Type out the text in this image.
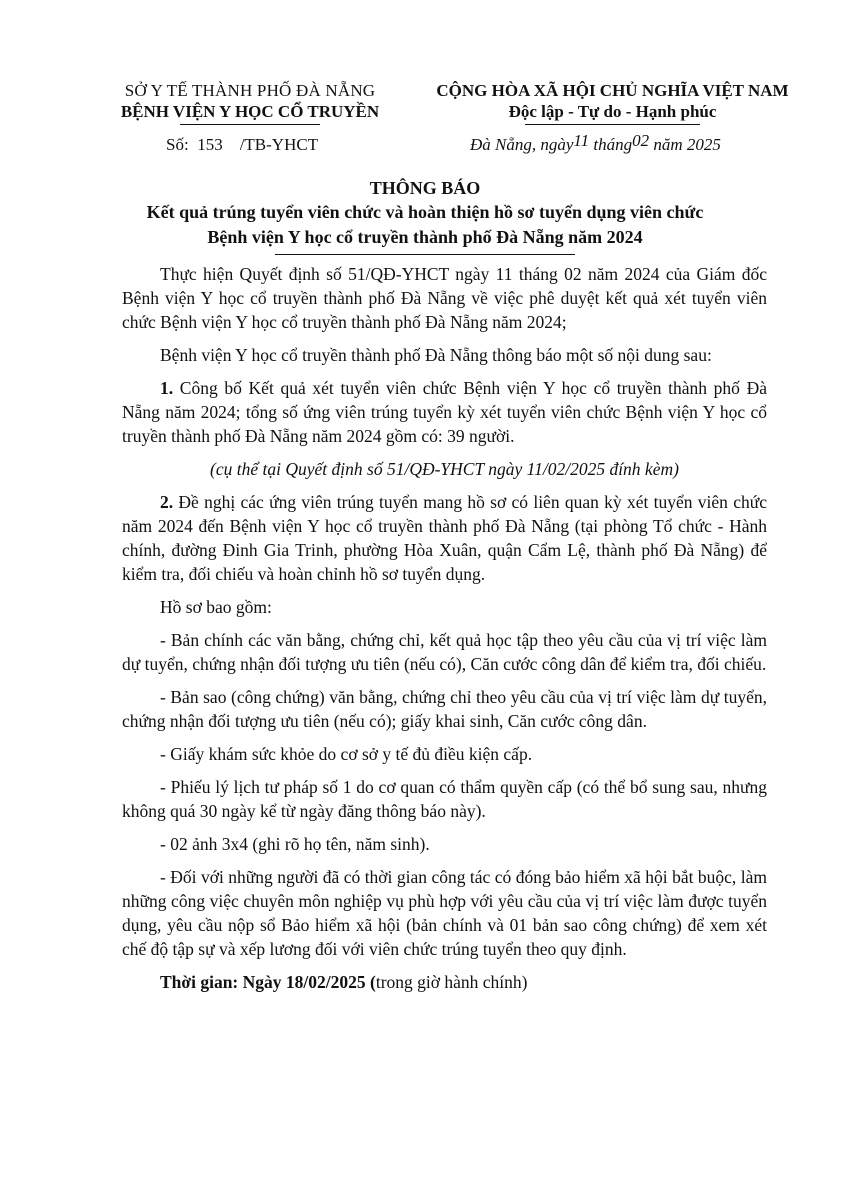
SỞ Y TẾ THÀNH PHỐ ĐÀ NẴNG
BỆNH VIỆN Y HỌC CỔ TRUYỀN
CỘNG HÒA XÃ HỘI CHỦ NGHĨA VIỆT NAM
Độc lập - Tự do - Hạnh phúc
Số: 153 /TB-YHCT	Đà Nẵng, ngày11 tháng02 năm 2025
THÔNG BÁO
Kết quả trúng tuyển viên chức và hoàn thiện hồ sơ tuyển dụng viên chức
Bệnh viện Y học cổ truyền thành phố Đà Nẵng năm 2024

Thực hiện Quyết định số 51/QĐ-YHCT ngày 11 tháng 02 năm 2024 của Giám đốc Bệnh viện Y học cổ truyền thành phố Đà Nẵng về việc phê duyệt kết quả xét tuyển viên chức Bệnh viện Y học cổ truyền thành phố Đà Nẵng năm 2024;

Bệnh viện Y học cổ truyền thành phố Đà Nẵng thông báo một số nội dung sau:

1. Công bố Kết quả xét tuyển viên chức Bệnh viện Y học cổ truyền thành phố Đà Nẵng năm 2024; tổng số ứng viên trúng tuyển kỳ xét tuyển viên chức Bệnh viện Y học cổ truyền thành phố Đà Nẵng năm 2024 gồm có: 39 người.

(cụ thể tại Quyết định số 51/QĐ-YHCT ngày 11/02/2025 đính kèm)

2. Đề nghị các ứng viên trúng tuyển mang hồ sơ có liên quan kỳ xét tuyển viên chức năm 2024 đến Bệnh viện Y học cổ truyền thành phố Đà Nẵng (tại phòng Tổ chức - Hành chính, đường Đinh Gia Trinh, phường Hòa Xuân, quận Cẩm Lệ, thành phố Đà Nẵng) để kiểm tra, đối chiếu và hoàn chỉnh hồ sơ tuyển dụng.

Hồ sơ bao gồm:

- Bản chính các văn bằng, chứng chỉ, kết quả học tập theo yêu cầu của vị trí việc làm dự tuyển, chứng nhận đối tượng ưu tiên (nếu có), Căn cước công dân để kiểm tra, đối chiếu.

- Bản sao (công chứng) văn bằng, chứng chỉ theo yêu cầu của vị trí việc làm dự tuyển, chứng nhận đối tượng ưu tiên (nếu có); giấy khai sinh, Căn cước công dân.

- Giấy khám sức khỏe do cơ sở y tế đủ điều kiện cấp.

- Phiếu lý lịch tư pháp số 1 do cơ quan có thẩm quyền cấp (có thể bổ sung sau, nhưng không quá 30 ngày kể từ ngày đăng thông báo này).

- 02 ảnh 3x4 (ghi rõ họ tên, năm sinh).

- Đối với những người đã có thời gian công tác có đóng bảo hiểm xã hội bắt buộc, làm những công việc chuyên môn nghiệp vụ phù hợp với yêu cầu của vị trí việc làm được tuyển dụng, yêu cầu nộp sổ Bảo hiểm xã hội (bản chính và 01 bản sao công chứng) để xem xét chế độ tập sự và xếp lương đối với viên chức trúng tuyển theo quy định.

Thời gian: Ngày 18/02/2025 (trong giờ hành chính)
